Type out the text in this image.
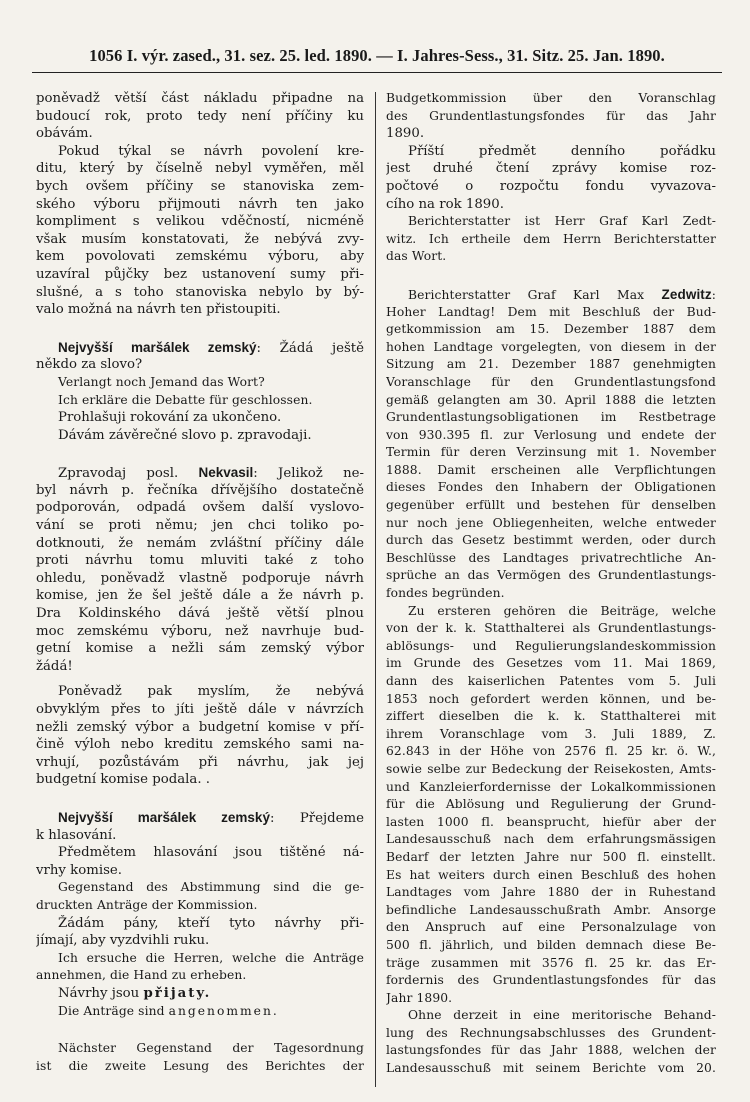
1056 I. výr. zased., 31. sez. 25. led. 1890. — I. Jahres-Sess., 31. Sitz. 25. Jan. 1890.
poněvadž větší část nákladu připadne na
budoucí rok, proto tedy není příčiny ku
obávám.
Pokud týkal se návrh povolení kre-
ditu, který by číselně nebyl vyměřen, měl
bych ovšem příčiny se stanoviska zem-
ského výboru přijmouti návrh ten jako
kompliment s velikou vděčností, nicméně
však musím konstatovati, že nebývá zvy-
kem povolovati zemskému výboru, aby
uzavíral půjčky bez ustanovení sumy při-
slušné, a s toho stanoviska nebylo by bý-
valo možná na návrh ten přistoupiti.
Nejvyšší maršálek zemský: Žádá ještě
někdo za slovo?
Verlangt noch Jemand das Wort?
Ich erkläre die Debatte für geschlossen.
Prohlašuji rokování za ukončeno.
Dávám závěrečné slovo p. zpravodaji.
Zpravodaj posl. Nekvasil: Jelikož ne-
byl návrh p. řečníka dřívějšího dostatečně
podporován, odpadá ovšem další vyslovo-
vání se proti němu; jen chci toliko po-
dotknouti, že nemám zvláštní příčiny dále
proti návrhu tomu mluviti také z toho
ohledu, poněvadž vlastně podporuje návrh
komise, jen že šel ještě dále a že návrh p.
Dra Koldinského dává ještě větší plnou
moc zemskému výboru, než navrhuje bud-
getní komise a nežli sám zemský výbor
žádá!
Poněvadž pak myslím, že nebývá
obvyklým přes to jíti ještě dále v návrzích
nežli zemský výbor a budgetní komise v pří-
čině výloh nebo kreditu zemského sami na-
vrhují, pozůstávám při návrhu, jak jej
budgetní komise podala. .
Nejvyšší maršálek zemský: Přejdeme
k hlasování.
Předmětem hlasování jsou tištěné ná-
vrhy komise.
Gegenstand des Abstimmung sind die ge-
druckten Anträge der Kommission.
Žádám pány, kteří tyto návrhy při-
jímají, aby vyzdvihli ruku.
Ich ersuche die Herren, welche die Anträge
annehmen, die Hand zu erheben.
Návrhy jsou přijaty.
Die Anträge sind angenommen.
Nächster Gegenstand der Tagesordnung
ist die zweite Lesung des Berichtes der
Budgetkommission über den Voranschlag
des Grundentlastungsfondes für das Jahr
1890.
Příští předmět denního pořádku
jest druhé čtení zprávy komise roz-
počtové o rozpočtu fondu vyvazova-
cího na rok 1890.
Berichterstatter ist Herr Graf Karl Zedt-
witz. Ich ertheile dem Herrn Berichterstatter
das Wort.
Berichterstatter Graf Karl Max Zedwitz:
Hoher Landtag! Dem mit Beschluß der Bud-
getkommission am 15. Dezember 1887 dem
hohen Landtage vorgelegten, von diesem in der
Sitzung am 21. Dezember 1887 genehmigten
Voranschlage für den Grundentlastungsfond
gemäß gelangten am 30. April 1888 die letzten
Grundentlastungsobligationen im Restbetrage
von 930.395 fl. zur Verlosung und endete der
Termin für deren Verzinsung mit 1. November
1888. Damit erscheinen alle Verpflichtungen
dieses Fondes den Inhabern der Obligationen
gegenüber erfüllt und bestehen für denselben
nur noch jene Obliegenheiten, welche entweder
durch das Gesetz bestimmt werden, oder durch
Beschlüsse des Landtages privatrechtliche An-
sprüche an das Vermögen des Grundentlastungs-
fondes begründen.
Zu ersteren gehören die Beiträge, welche
von der k. k. Statthalterei als Grundentlastungs-
ablösungs- und Regulierungslandeskommission
im Grunde des Gesetzes vom 11. Mai 1869,
dann des kaiserlichen Patentes vom 5. Juli
1853 noch gefordert werden können, und be-
ziffert dieselben die k. k. Statthalterei mit
ihrem Voranschlage vom 3. Juli 1889, Z.
62.843 in der Höhe von 2576 fl. 25 kr. ö. W.,
sowie selbe zur Bedeckung der Reisekosten, Amts-
und Kanzleierfordernisse der Lokalkommissionen
für die Ablösung und Regulierung der Grund-
lasten 1000 fl. beansprucht, hiefür aber der
Landesausschuß nach dem erfahrungsmässigen
Bedarf der letzten Jahre nur 500 fl. einstellt.
Es hat weiters durch einen Beschluß des hohen
Landtages vom Jahre 1880 der in Ruhestand
befindliche Landesausschußrath Ambr. Ansorge
den Anspruch auf eine Personalzulage von
500 fl. jährlich, und bilden demnach diese Be-
träge zusammen mit 3576 fl. 25 kr. das Er-
fordernis des Grundentlastungsfondes für das
Jahr 1890.
Ohne derzeit in eine meritorische Behand-
lung des Rechnungsabschlusses des Grundent-
lastungsfondes für das Jahr 1888, welchen der
Landesausschuß mit seinem Berichte vom 20.
